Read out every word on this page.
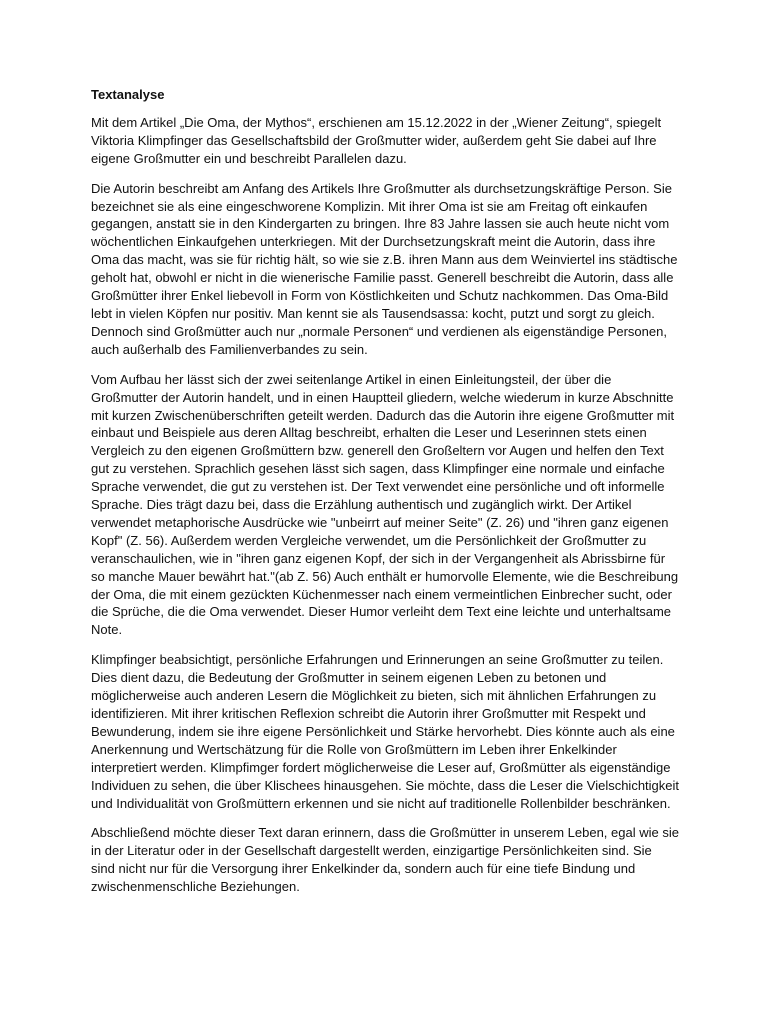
Textanalyse

Mit dem Artikel „Die Oma, der Mythos“, erschienen am 15.12.2022 in der „Wiener Zeitung“, spiegelt Viktoria Klimpfinger das Gesellschaftsbild der Großmutter wider, außerdem geht Sie dabei auf Ihre eigene Großmutter ein und beschreibt Parallelen dazu.

Die Autorin beschreibt am Anfang des Artikels Ihre Großmutter als durchsetzungskräftige Person. Sie bezeichnet sie als eine eingeschworene Komplizin. Mit ihrer Oma ist sie am Freitag oft einkaufen gegangen, anstatt sie in den Kindergarten zu bringen. Ihre 83 Jahre lassen sie auch heute nicht vom wöchentlichen Einkaufgehen unterkriegen. Mit der Durchsetzungskraft meint die Autorin, dass ihre Oma das macht, was sie für richtig hält, so wie sie z.B. ihren Mann aus dem Weinviertel ins städtische geholt hat, obwohl er nicht in die wienerische Familie passt. Generell beschreibt die Autorin, dass alle Großmütter ihrer Enkel liebevoll in Form von Köstlichkeiten und Schutz nachkommen. Das Oma-Bild lebt in vielen Köpfen nur positiv. Man kennt sie als Tausendsassa: kocht, putzt und sorgt zu gleich. Dennoch sind Großmütter auch nur „normale Personen“ und verdienen als eigenständige Personen, auch außerhalb des Familienverbandes zu sein.

Vom Aufbau her lässt sich der zwei seitenlange Artikel in einen Einleitungsteil, der über die Großmutter der Autorin handelt, und in einen Hauptteil gliedern, welche wiederum in kurze Abschnitte mit kurzen Zwischenüberschriften geteilt werden. Dadurch das die Autorin ihre eigene Großmutter mit einbaut und Beispiele aus deren Alltag beschreibt, erhalten die Leser und Leserinnen stets einen Vergleich zu den eigenen Großmüttern bzw. generell den Großeltern vor Augen und helfen den Text gut zu verstehen. Sprachlich gesehen lässt sich sagen, dass Klimpfinger eine normale und einfache Sprache verwendet, die gut zu verstehen ist. Der Text verwendet eine persönliche und oft informelle Sprache. Dies trägt dazu bei, dass die Erzählung authentisch und zugänglich wirkt. Der Artikel verwendet metaphorische Ausdrücke wie "unbeirrt auf meiner Seite" (Z. 26) und "ihren ganz eigenen Kopf" (Z. 56). Außerdem werden Vergleiche verwendet, um die Persönlichkeit der Großmutter zu veranschaulichen, wie in "ihren ganz eigenen Kopf, der sich in der Vergangenheit als Abrissbirne für so manche Mauer bewährt hat."(ab Z. 56) Auch enthält er humorvolle Elemente, wie die Beschreibung der Oma, die mit einem gezückten Küchenmesser nach einem vermeintlichen Einbrecher sucht, oder die Sprüche, die die Oma verwendet. Dieser Humor verleiht dem Text eine leichte und unterhaltsame Note.

Klimpfinger beabsichtigt, persönliche Erfahrungen und Erinnerungen an seine Großmutter zu teilen. Dies dient dazu, die Bedeutung der Großmutter in seinem eigenen Leben zu betonen und möglicherweise auch anderen Lesern die Möglichkeit zu bieten, sich mit ähnlichen Erfahrungen zu identifizieren. Mit ihrer kritischen Reflexion schreibt die Autorin ihrer Großmutter mit Respekt und Bewunderung, indem sie ihre eigene Persönlichkeit und Stärke hervorhebt. Dies könnte auch als eine Anerkennung und Wertschätzung für die Rolle von Großmüttern im Leben ihrer Enkelkinder interpretiert werden. Klimpfimger fordert möglicherweise die Leser auf, Großmütter als eigenständige Individuen zu sehen, die über Klischees hinausgehen. Sie möchte, dass die Leser die Vielschichtigkeit und Individualität von Großmüttern erkennen und sie nicht auf traditionelle Rollenbilder beschränken.

Abschließend möchte dieser Text daran erinnern, dass die Großmütter in unserem Leben, egal wie sie in der Literatur oder in der Gesellschaft dargestellt werden, einzigartige Persönlichkeiten sind. Sie sind nicht nur für die Versorgung ihrer Enkelkinder da, sondern auch für eine tiefe Bindung und zwischenmenschliche Beziehungen.
